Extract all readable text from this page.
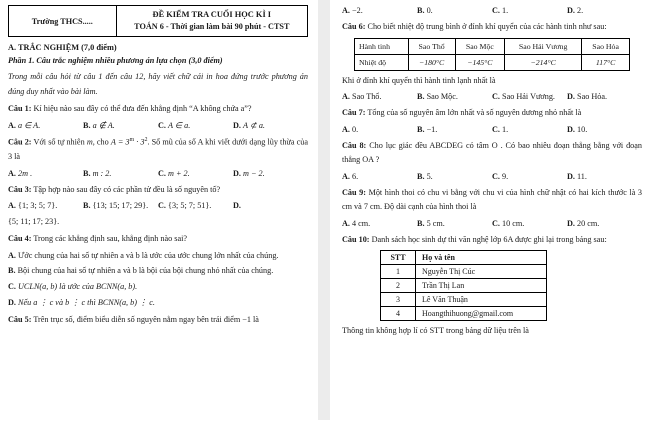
Trường THCS.....	
ĐỀ KIỂM TRA CUỐI HỌC KÌ I
TOÁN 6 - Thời gian làm bài 90 phút - CTST
A. TRẮC NGHIỆM (7,0 điểm)
Phần 1. Câu trắc nghiệm nhiều phương án lựa chọn (3,0 điểm)
Trong mỗi câu hỏi từ câu 1 đến câu 12, hãy viết chữ cái in hoa đứng trước phương án đúng duy nhất vào bài làm.
Câu 1: Kí hiệu nào sau đây có thể đưa đến khẳng định “A không chứa a”?
A. a ∈ A.	B. a ∉ A.	C. A ∈ a.	D. A ⊄ a.
Câu 2: Với số tự nhiên m, cho $A = 3^m \cdot 3^2$. Số mũ của số A khi viết dưới dạng lũy thừa của 3 là
A. 2m .	B. m : 2.	C. m + 2.	D. m − 2.
Câu 3: Tập hợp nào sau đây có các phần tử đều là số nguyên tố?
A. {1; 3; 5; 7}.	B. {13; 15; 17; 29}.	C. {3; 5; 7; 51}.	D.
{5; 11; 17; 23}.
Câu 4: Trong các khẳng định sau, khẳng định nào sai?
A. Ước chung của hai số tự nhiên a và b là ước của ước chung lớn nhất của chúng.
B. Bội chung của hai số tự nhiên a và b là bội của bội chung nhỏ nhất của chúng.
C. UCLN(a, b) là ước của BCNN(a, b).
D. Nếu a ⋮ c và b ⋮ c thì BCNN(a, b) ⋮ c.
Câu 5: Trên trục số, điểm biểu diễn số nguyên nằm ngay bên trái điểm −1 là
A. −2.	B. 0.	C. 1.	D. 2.
Câu 6: Cho biết nhiệt độ trung bình ở đỉnh khí quyển của các hành tinh như sau:
Hành tinh	Sao Thổ	Sao Mộc	Sao Hải Vương	Sao Hỏa
Nhiệt độ	−180°C	−145°C	−214°C	117°C
Khi ở đỉnh khí quyển thì hành tinh lạnh nhất là
A. Sao Thổ.	B. Sao Mộc.	C. Sao Hải Vương.	D. Sao Hỏa.
Câu 7: Tổng của số nguyên âm lớn nhất và số nguyên dương nhỏ nhất là
A. 0.	B. −1.	C. 1.	D. 10.
Câu 8: Cho lục giác đều ABCDEG có tâm O . Có bao nhiêu đoạn thẳng bằng với đoạn thẳng OA ?
A. 6.	B. 5.	C. 9.	D. 11.
Câu 9: Một hình thoi có chu vi bằng với chu vi của hình chữ nhật có hai kích thước là 3 cm và 7 cm. Độ dài cạnh của hình thoi là
A. 4 cm.	B. 5 cm.	C. 10 cm.	D. 20 cm.
Câu 10: Danh sách học sinh dự thi văn nghệ lớp 6A được ghi lại trong bảng sau:
STT	Họ và tên
1	Nguyễn Thị Cúc
2	Trần Thị Lan
3	Lê Văn Thuận
4	Hoangthihuong@gmail.com
Thông tin không hợp lí có STT trong bảng dữ liệu trên là
